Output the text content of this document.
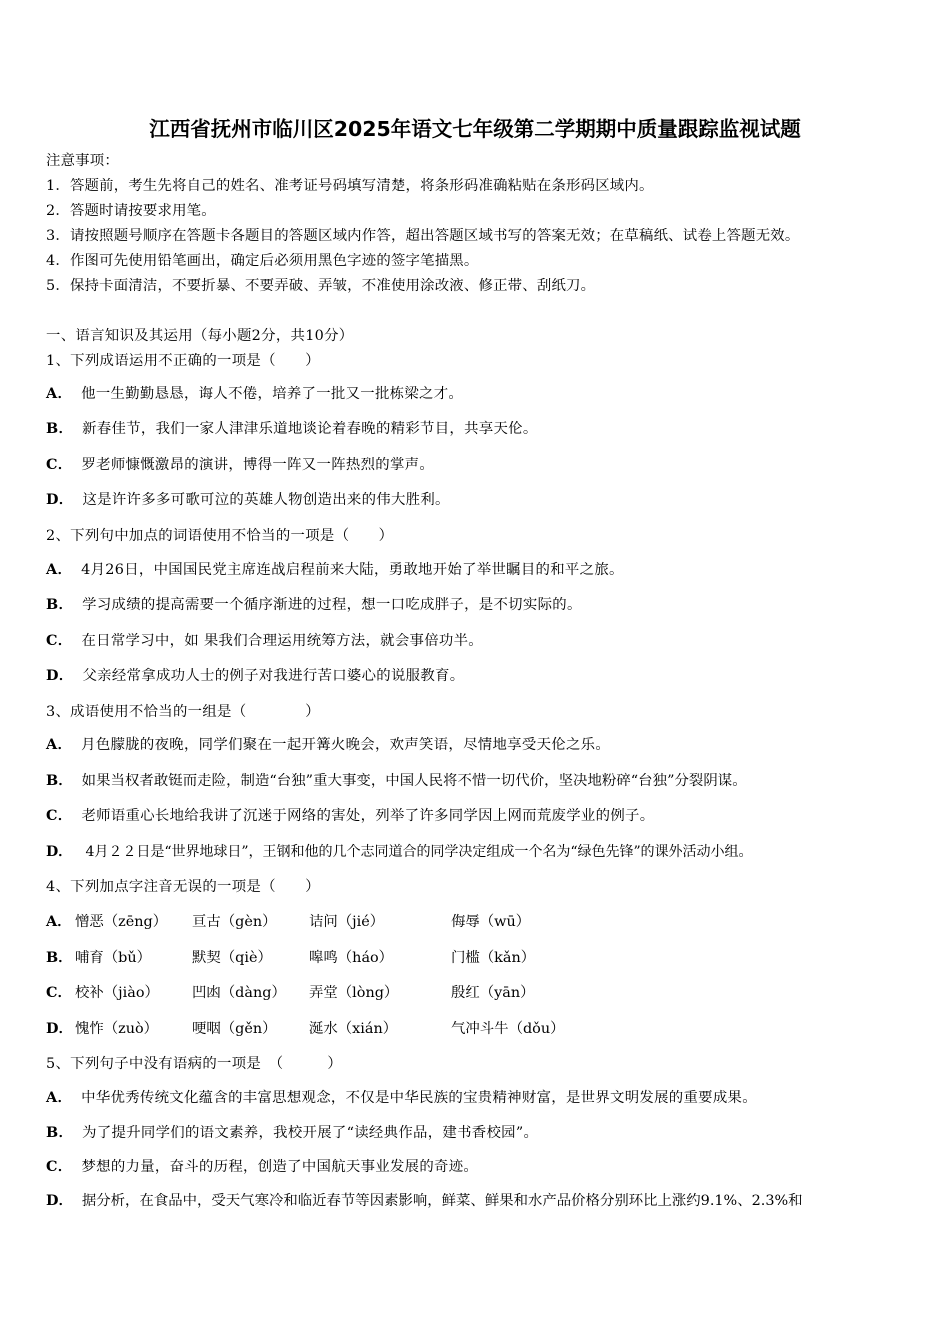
江西省抚州市临川区2025年语文七年级第二学期期中质量跟踪监视试题
注意事项：
1．答题前，考生先将自己的姓名、准考证号码填写清楚，将条形码准确粘贴在条形码区域内。
2．答题时请按要求用笔。
3．请按照题号顺序在答题卡各题目的答题区域内作答，超出答题区域书写的答案无效；在草稿纸、试卷上答题无效。
4．作图可先使用铅笔画出，确定后必须用黑色字迹的签字笔描黑。
5．保持卡面清洁，不要折暴、不要弄破、弄皱，不准使用涂改液、修正带、刮纸刀。
一、语言知识及其运用（每小题2分，共10分）
1、下列成语运用不正确的一项是（　　）
A． 他一生勤勤恳恳，诲人不倦，培养了一批又一批栋梁之才。
B． 新春佳节，我们一家人津津乐道地谈论着春晚的精彩节目，共享天伦。
C． 罗老师慷慨激昂的演讲，博得一阵又一阵热烈的掌声。
D． 这是许许多多可歌可泣的英雄人物创造出来的伟大胜利。
2、下列句中加点的词语使用不恰当的一项是（　　）
A． 4月26日，中国国民党主席连战启程前来大陆，勇敢地开始了举世瞩目的和平之旅。
B． 学习成绩的提高需要一个循序渐进的过程，想一口吃成胖子，是不切实际的。
C． 在日常学习中，如 果我们合理运用统筹方法，就会事倍功半。
D． 父亲经常拿成功人士的例子对我进行苦口婆心的说服教育。
3、成语使用不恰当的一组是（　　　　）
A． 月色朦胧的夜晚，同学们聚在一起开篝火晚会，欢声笑语，尽情地享受天伦之乐。
B． 如果当权者敢铤而走险，制造“台独”重大事变，中国人民将不惜一切代价，坚决地粉碎“台独”分裂阴谋。
C． 老师语重心长地给我讲了沉迷于网络的害处，列举了许多同学因上网而荒废学业的例子。
D． 4月２２日是“世界地球日”，王钢和他的几个志同道合的同学决定组成一个名为“绿色先锋”的课外活动小组。
4、下列加点字注音无误的一项是（　　）
A． 憎恶（zēng） 亘古（gèn） 诘问（jié）	侮辱（wū）
B． 哺育（bǔ）	默契（qiè）	嗥鸣（háo）	门槛（kǎn）
C． 校补（jiào） 凹凼（dàng） 弄堂（lòng）	殷红（yān）
D． 愧怍（zuò） 哽咽（gěn） 涎水（xián）	气冲斗牛（dǒu）
5、下列句子中没有语病的一项是　（　　　）
A． 中华优秀传统文化蕴含的丰富思想观念，不仅是中华民族的宝贵精神财富，是世界文明发展的重要成果。
B． 为了提升同学们的语文素养，我校开展了“读经典作品，建书香校园”。
C． 梦想的力量，奋斗的历程，创造了中国航天事业发展的奇迹。
D． 据分析，在食品中，受天气寒冷和临近春节等因素影响，鲜菜、鲜果和水产品价格分别环比上涨约9.1%、2.3%和
